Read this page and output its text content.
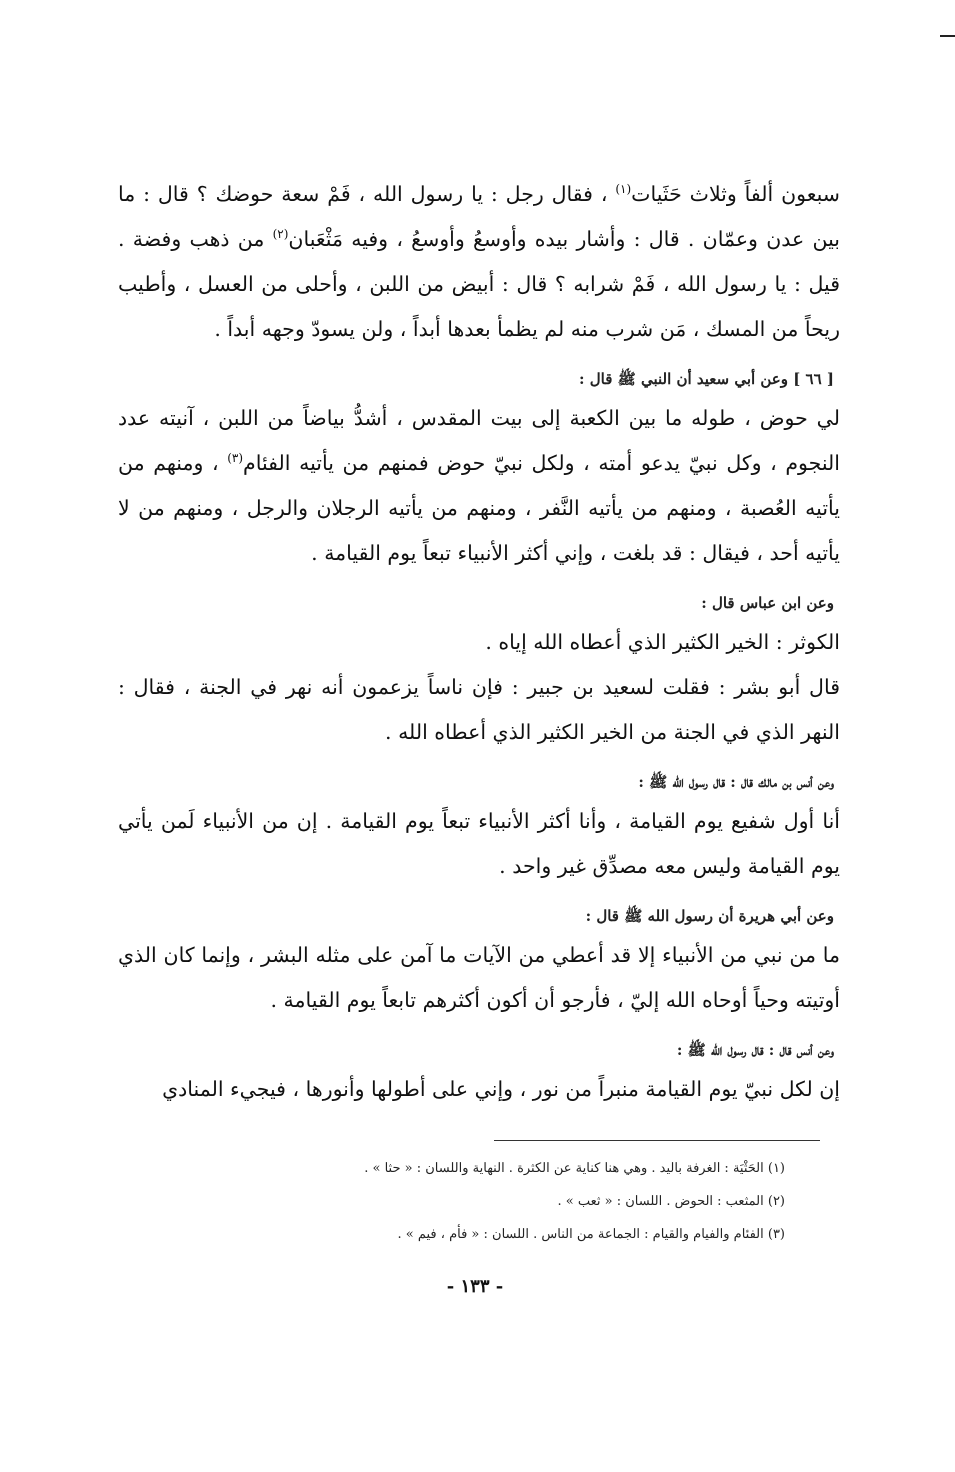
سبعون ألفاً وثلاث حَثَيات$^{(١)}$ ، فقال رجل : يا رسول الله ، فَمْ سعة حوضك ؟ قال : ما بين عدن وعمّان . قال : وأشار بيده وأوسعُ وأوسعُ ، وفيه مَثْعَبان$^{(٢)}$ من ذهب وفضة . قيل : يا رسول الله ، فَمْ شرابه ؟ قال : أبيض من اللبن ، وأحلى من العسل ، وأطيب ريحاً من المسك ، مَن شرب منه لم يظمأ بعدها أبداً ، ولن يسودّ وجهه أبداً .

[ ٦٦ ] وعن أبي سعيد أن النبي ﷺ قال :

لي حوض ، طوله ما بين الكعبة إلى بيت المقدس ، أشدُّ بياضاً من اللبن ، آنيته عدد النجوم ، وكل نبيّ يدعو أمته ، ولكل نبيّ حوض فمنهم من يأتيه الفئام$^{(٣)}$ ، ومنهم من يأتيه العُصبة ، ومنهم من يأتيه النَّفر ، ومنهم من يأتيه الرجلان والرجل ، ومنهم من لا يأتيه أحد ، فيقال : قد بلغت ، وإني أكثر الأنبياء تبعاً يوم القيامة .

وعن ابن عباس قال :

الكوثر : الخير الكثير الذي أعطاه الله إياه .

قال أبو بشر : فقلت لسعيد بن جبير : فإن ناساً يزعمون أنه نهر في الجنة ، فقال : النهر الذي في الجنة من الخير الكثير الذي أعطاه الله .

وعن أنس بن مالك قال : قال رسول الله ﷺ :

أنا أول شفيع يوم القيامة ، وأنا أكثر الأنبياء تبعاً يوم القيامة . إن من الأنبياء لَمن يأتي يوم القيامة وليس معه مصدِّق غير واحد .

وعن أبي هريرة أن رسول الله ﷺ قال :

ما من نبي من الأنبياء إلا قد أعطي من الآيات ما آمن على مثله البشر ، وإنما كان الذي أوتيته وحياً أوحاه الله إليّ ، فأرجو أن أكون أكثرهم تابعاً يوم القيامة .

وعن أنس قال : قال رسول الله ﷺ :

إن لكل نبيّ يوم القيامة منبراً من نور ، وإني على أطولها وأنورها ، فيجيء المنادي

(١) الحَثْيَة : الغرفة باليد . وهي هنا كناية عن الكثرة . النهاية واللسان : « حثا » .

(٢) المثعب : الحوض . اللسان : « ثعب » .

(٣) الفئام والفيام والقيام : الجماعة من الناس . اللسان : « فأم ، فيم » .

- ١٣٣ -
